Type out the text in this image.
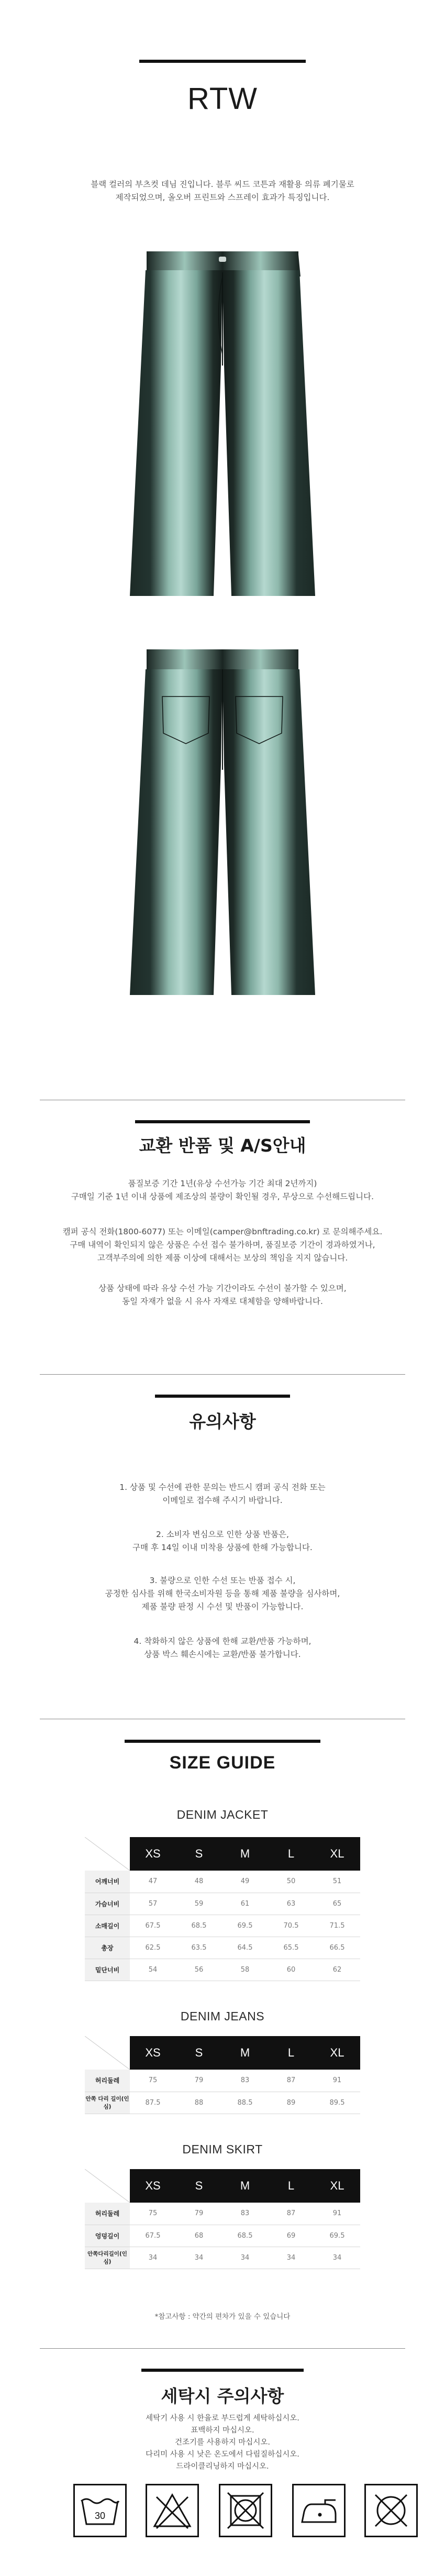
RTW
블랙 컬러의 부츠컷 데님 진입니다. 블루 씨드 코튼과 재활용 의류 폐기물로
제작되었으며, 올오버 프린트와 스프레이 효과가 특징입니다.
교환 반품 및 A/S안내
품질보증 기간 1년(유상 수선가능 기간 최대 2년까지)
구매일 기준 1년 이내 상품에 제조상의 불량이 확인될 경우, 무상으로 수선해드립니다.
캠퍼 공식 전화(1800-6077) 또는 이메일(camper@bnftrading.co.kr) 로 문의해주세요.
구매 내역이 확인되지 않은 상품은 수선 접수 불가하며, 품질보증 기간이 경과하였거나,
고객부주의에 의한 제품 이상에 대해서는 보상의 책임을 지지 않습니다.
상품 상태에 따라 유상 수선 가능 기간이라도 수선이 불가할 수 있으며,
동일 자재가 없을 시 유사 자재로 대체함을 양해바랍니다.
유의사항
1. 상품 및 수선에 관한 문의는 반드시 캠퍼 공식 전화 또는
이메일로 접수해 주시기 바랍니다.
2. 소비자 변심으로 인한 상품 반품은,
구매 후 14일 이내 미착용 상품에 한해 가능합니다.
3. 불량으로 인한 수선 또는 반품 접수 시,
공정한 심사를 위해 한국소비자원 등을 통해 제품 불량을 심사하며,
제품 불량 판정 시 수선 및 반품이 가능합니다.
4. 착화하지 않은 상품에 한해 교환/반품 가능하며,
상품 박스 훼손시에는 교환/반품 불가합니다.
SIZE GUIDE
DENIM JACKET
	XS	S	M	L	XL
어깨너비	47	48	49	50	51
가슴너비	57	59	61	63	65
소매길이	67.5	68.5	69.5	70.5	71.5
총장	62.5	63.5	64.5	65.5	66.5
밑단너비	54	56	58	60	62
DENIM JEANS
	XS	S	M	L	XL
허리둘레	75	79	83	87	91
안쪽 다리 길이(인심)	87.5	88	88.5	89	89.5
DENIM SKIRT
	XS	S	M	L	XL
허리둘레	75	79	83	87	91
엉덩길이	67.5	68	68.5	69	69.5
안쪽다리길이(인심)	34	34	34	34	34
*참고사항 : 약간의 편차가 있을 수 있습니다
세탁시 주의사항
세탁기 사용 시 한율로 부드럽게 세탁하십시오.
표백하지 마십시오.
건조기를 사용하지 마십시오.
다리미 사용 시 낮은 온도에서 다림질하십시오.
드라이클리닝하지 마십시오.
30
